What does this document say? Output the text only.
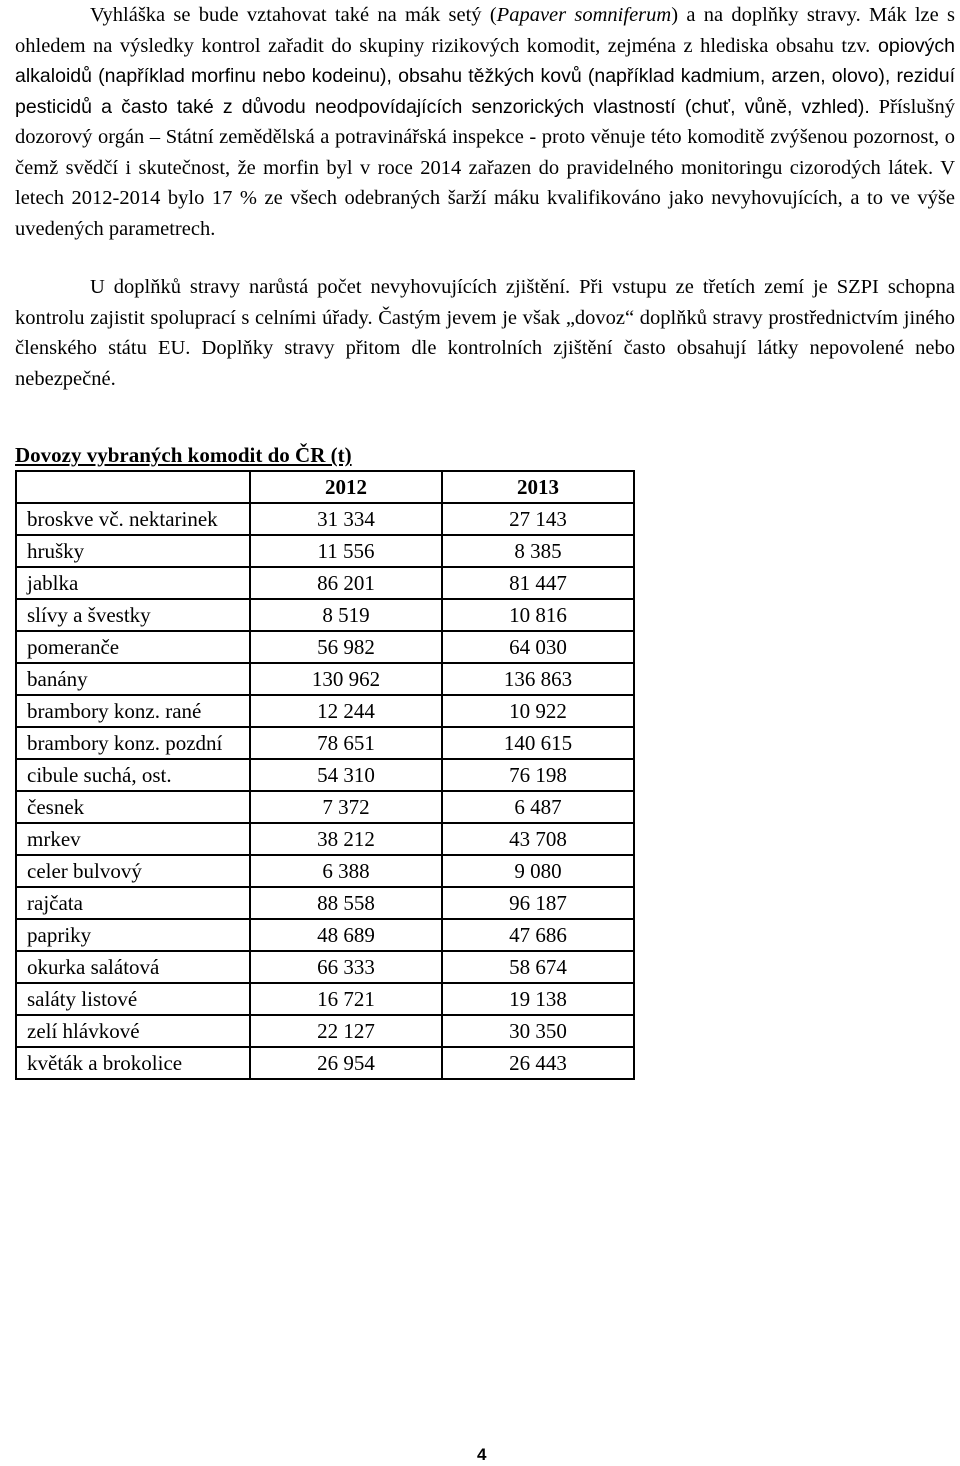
Vyhláška se bude vztahovat také na mák setý (Papaver somniferum) a na doplňky stravy. Mák lze s ohledem na výsledky kontrol zařadit do skupiny rizikových komodit, zejména z hlediska obsahu tzv. opiových alkaloidů (například morfinu nebo kodeinu), obsahu těžkých kovů (například kadmium, arzen, olovo), reziduí pesticidů a často také z důvodu neodpovídajících senzorických vlastností (chuť, vůně, vzhled). Příslušný dozorový orgán – Státní zemědělská a potravinářská inspekce - proto věnuje této komoditě zvýšenou pozornost, o čemž svědčí i skutečnost, že morfin byl v roce 2014 zařazen do pravidelného monitoringu cizorodých látek. V letech 2012-2014 bylo 17 % ze všech odebraných šarží máku kvalifikováno jako nevyhovujících, a to ve výše uvedených parametrech.

U doplňků stravy narůstá počet nevyhovujících zjištění. Při vstupu ze třetích zemí je SZPI schopna kontrolu zajistit spoluprací s celními úřady. Častým jevem je však „dovoz“ doplňků stravy prostřednictvím jiného členského státu EU. Doplňky stravy přitom dle kontrolních zjištění často obsahují látky nepovolené nebo nebezpečné.

Dovozy vybraných komodit do ČR (t)
	2012	2013
broskve vč. nektarinek	31 334	27 143
hrušky	11 556	8 385
jablka	86 201	81 447
slívy a švestky	8 519	10 816
pomeranče	56 982	64 030
banány	130 962	136 863
brambory konz. rané	12 244	10 922
brambory konz. pozdní	78 651	140 615
cibule suchá, ost.	54 310	76 198
česnek	7 372	6 487
mrkev	38 212	43 708
celer bulvový	6 388	9 080
rajčata	88 558	96 187
papriky	48 689	47 686
okurka salátová	66 333	58 674
saláty listové	16 721	19 138
zelí hlávkové	22 127	30 350
květák a brokolice	26 954	26 443
4
